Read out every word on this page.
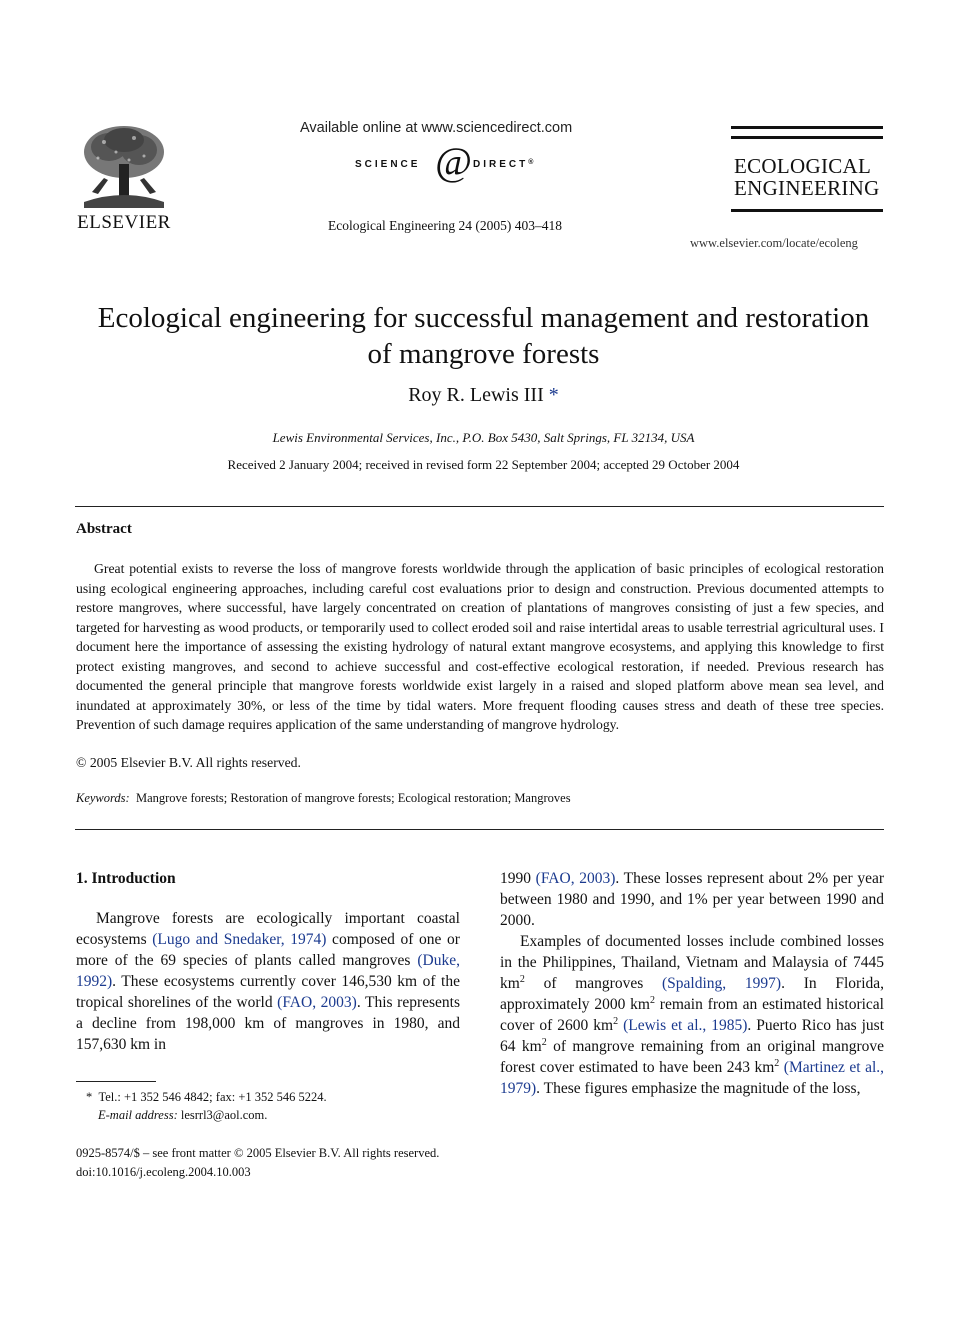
ELSEVIER
Available online at www.sciencedirect.com
SCIENCE @ DIRECT®
Ecological Engineering 24 (2005) 403–418
ECOLOGICAL
ENGINEERING
www.elsevier.com/locate/ecoleng
Ecological engineering for successful management and restoration
of mangrove forests
Roy R. Lewis III *
Lewis Environmental Services, Inc., P.O. Box 5430, Salt Springs, FL 32134, USA
Received 2 January 2004; received in revised form 22 September 2004; accepted 29 October 2004
Abstract
Great potential exists to reverse the loss of mangrove forests worldwide through the application of basic principles of ecological restoration using ecological engineering approaches, including careful cost evaluations prior to design and construction. Previous documented attempts to restore mangroves, where successful, have largely concentrated on creation of plantations of mangroves consisting of just a few species, and targeted for harvesting as wood products, or temporarily used to collect eroded soil and raise intertidal areas to usable terrestrial agricultural uses. I document here the importance of assessing the existing hydrology of natural extant mangrove ecosystems, and applying this knowledge to first protect existing mangroves, and second to achieve successful and cost-effective ecological restoration, if needed. Previous research has documented the general principle that mangrove forests worldwide exist largely in a raised and sloped platform above mean sea level, and inundated at approximately 30%, or less of the time by tidal waters. More frequent flooding causes stress and death of these tree species. Prevention of such damage requires application of the same understanding of mangrove hydrology.
© 2005 Elsevier B.V. All rights reserved.
Keywords: Mangrove forests; Restoration of mangrove forests; Ecological restoration; Mangroves
1. Introduction
Mangrove forests are ecologically important coastal ecosystems (Lugo and Snedaker, 1974) composed of one or more of the 69 species of plants called mangroves (Duke, 1992). These ecosystems currently cover 146,530 km of the tropical shorelines of the world (FAO, 2003). This represents a decline from 198,000 km of mangroves in 1980, and 157,630 km in
1990 (FAO, 2003). These losses represent about 2% per year between 1980 and 1990, and 1% per year between 1990 and 2000.
Examples of documented losses include combined losses in the Philippines, Thailand, Vietnam and Malaysia of 7445 $km^2$ of mangroves (Spalding, 1997). In Florida, approximately 2000 $km^2$ remain from an estimated historical cover of 2600 $km^2$ (Lewis et al., 1985). Puerto Rico has just 64 $km^2$ of mangrove remaining from an original mangrove forest cover estimated to have been 243 $km^2$ (Martinez et al., 1979). These figures emphasize the magnitude of the loss,
* Tel.: +1 352 546 4842; fax: +1 352 546 5224.
E-mail address: lesrrl3@aol.com.
0925-8574/$ – see front matter © 2005 Elsevier B.V. All rights reserved.
doi:10.1016/j.ecoleng.2004.10.003
